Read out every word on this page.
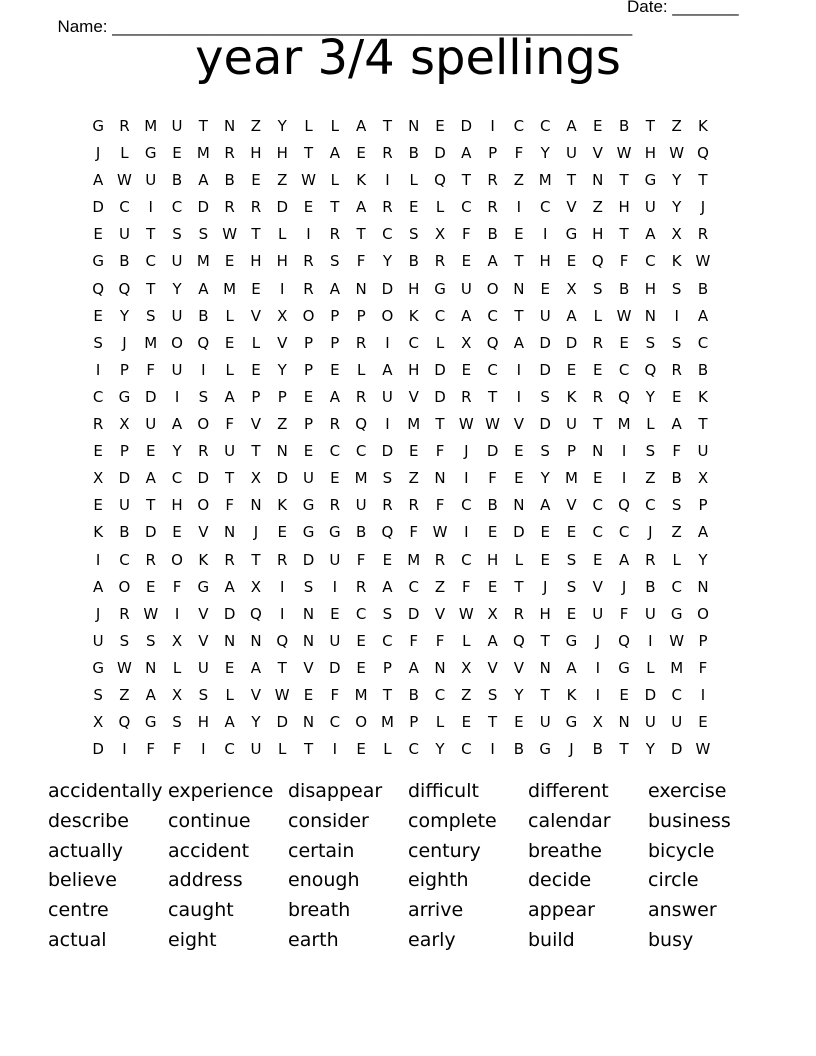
Name: _______________________________________________________

Date: _______

year 3/4 spellings
G	R M U	T	N	Z	Y	L	L	A	T	N	E	D	I	C	C	A	E	B	T	Z	K
J	L	G	E	M R	H	H	T	A	E	R	B	D	A	P	F	Y	U	V W H W Q
A W U	B	A	B	E	Z W L	K	I	L	Q	T	R	Z M	T	N	T	G	Y	T
D	C	I	C	D	R	R	D	E	T	A	R	E	L	C	R	I	C	V	Z	H	U	Y	J
E	U	T	S	S W T	L	I	R	T	C	S	X	F	B	E	I	G H	T	A	X	R
G	B	C	U M	E	H	H	R	S	F	Y	B	R	E	A	T	H	E	Q	F	C	K W
Q Q	T	Y	A M	E	I	R	A	N D H G	U O N	E	X	S	B	H	S	B
E	Y	S	U	B	L	V	X	O	P	P	O	K	C	A	C	T	U	A	L W N	I	A
S	J	M O Q	E	L	V	P	P	R	I	C	L	X	Q	A	D D	R	E	S	S	C
I	P	F	U	I	L	E	Y	P	E	L	A	H D	E	C	I	D	E	E	C	Q	R	B
C	G D	I	S	A	P	P	E	A	R	U	V	D	R	T	I	S	K	R	Q	Y	E	K
R	X	U	A	O	F	V	Z	P	R	Q	I	M	T W W V	D	U	T	M	L	A	T
E	P	E	Y	R	U	T	N	E	C	C	D	E	F	J	D	E	S	P	N	I	S	F	U
X	D	A	C	D	T	X	D	U	E	M	S	Z	N	I	F	E	Y	M	E	I	Z	B	X
E	U	T	H O	F	N	K	G	R	U	R	R	F	C	B	N	A	V	C	Q	C	S	P
K	B	D	E	V	N	J	E	G G	B	Q	F W	I	E	D	E	E	C	C	J	Z	A
I	C	R	O	K	R	T	R	D	U	F	E	M R	C	H	L	E	S	E	A	R	L	Y
A	O	E	F	G	A	X	I	S	I	R	A	C	Z	F	E	T	J	S	V	J	B	C	N
J	R W	I	V	D Q	I	N	E	C	S	D	V W X	R	H	E	U	F	U G O
U	S	S	X	V	N	N Q N	U	E	C	F	F	L	A	Q	T	G	J	Q	I	W P
G W N	L	U	E	A	T	V	D	E	P	A	N	X	V	V	N	A	I	G	L	M	F
S	Z	A	X	S	L	V W E	F	M	T	B	C	Z	S	Y	T	K	I	E	D	C	I
X	Q G	S	H	A	Y	D N	C	O M	P	L	E	T	E	U G	X	N	U	U	E
D	I	F	F	I	C	U	L	T	I	E	L	C	Y	C	I	B	G	J	B	T	Y	D W
accidentally experience disappear	difficult	different	exercise
describe	continue	consider	complete	calendar	business
actually	accident	certain	century	breathe	bicycle
believe	address	enough	eighth	decide	circle
centre	caught	breath	arrive	appear	answer
actual	eight	earth	early	build	busy
